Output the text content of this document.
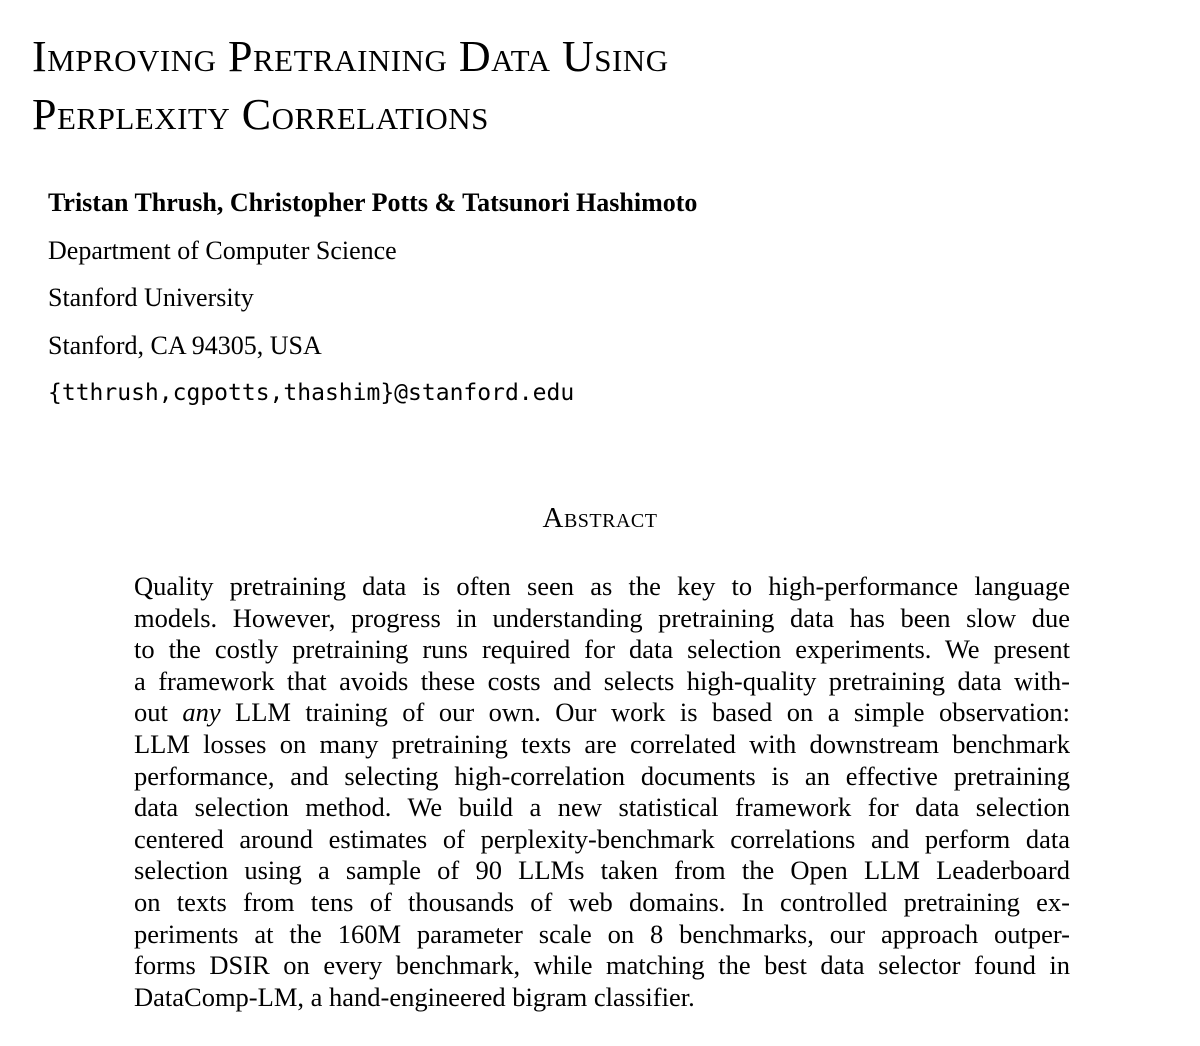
Improving Pretraining Data Using
Perplexity Correlations
Tristan Thrush, Christopher Potts & Tatsunori Hashimoto
Department of Computer Science
Stanford University
Stanford, CA 94305, USA
{tthrush,cgpotts,thashim}@stanford.edu
Abstract
Quality pretraining data is often seen as the key to high-performance language
models. However, progress in understanding pretraining data has been slow due
to the costly pretraining runs required for data selection experiments. We present
a framework that avoids these costs and selects high-quality pretraining data with-
out any LLM training of our own. Our work is based on a simple observation:
LLM losses on many pretraining texts are correlated with downstream benchmark
performance, and selecting high-correlation documents is an effective pretraining
data selection method. We build a new statistical framework for data selection
centered around estimates of perplexity-benchmark correlations and perform data
selection using a sample of 90 LLMs taken from the Open LLM Leaderboard
on texts from tens of thousands of web domains. In controlled pretraining ex-
periments at the 160M parameter scale on 8 benchmarks, our approach outper-
forms DSIR on every benchmark, while matching the best data selector found in
DataComp-LM, a hand-engineered bigram classifier.
